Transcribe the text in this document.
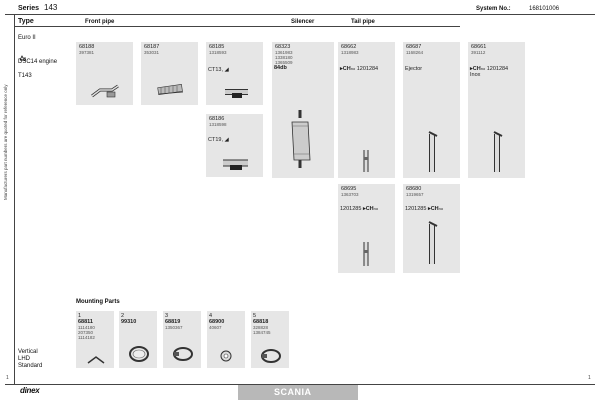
Series 143	System No.:	168101006
Manufacturers part numbers are quoted for reference only
Type
Euro II
DSC14 engine
T143
Vertical
LHD
Standard
Front pipe	Silencer	Tail pipe
68188
397381
68187
353031
68185
1318593
CT13, ◢
68323
1361983
1338180
1365509
84db
68662
1318983
▸CHno 1201284
68687
1168264
Ejector
68661
391112
▸CHno 1201284
Inox
68186
1318598
CT19, ◢
68695
1363703
1201285 ▸CHno
68680
1319657
1201285 ▸CHno
Mounting Parts
1
68811
1114180
207350
1114182
2
99310
3
68819
1350367
4
68900
40607
5
68818
328828
1384745
1	1
dinex	SCANIA
